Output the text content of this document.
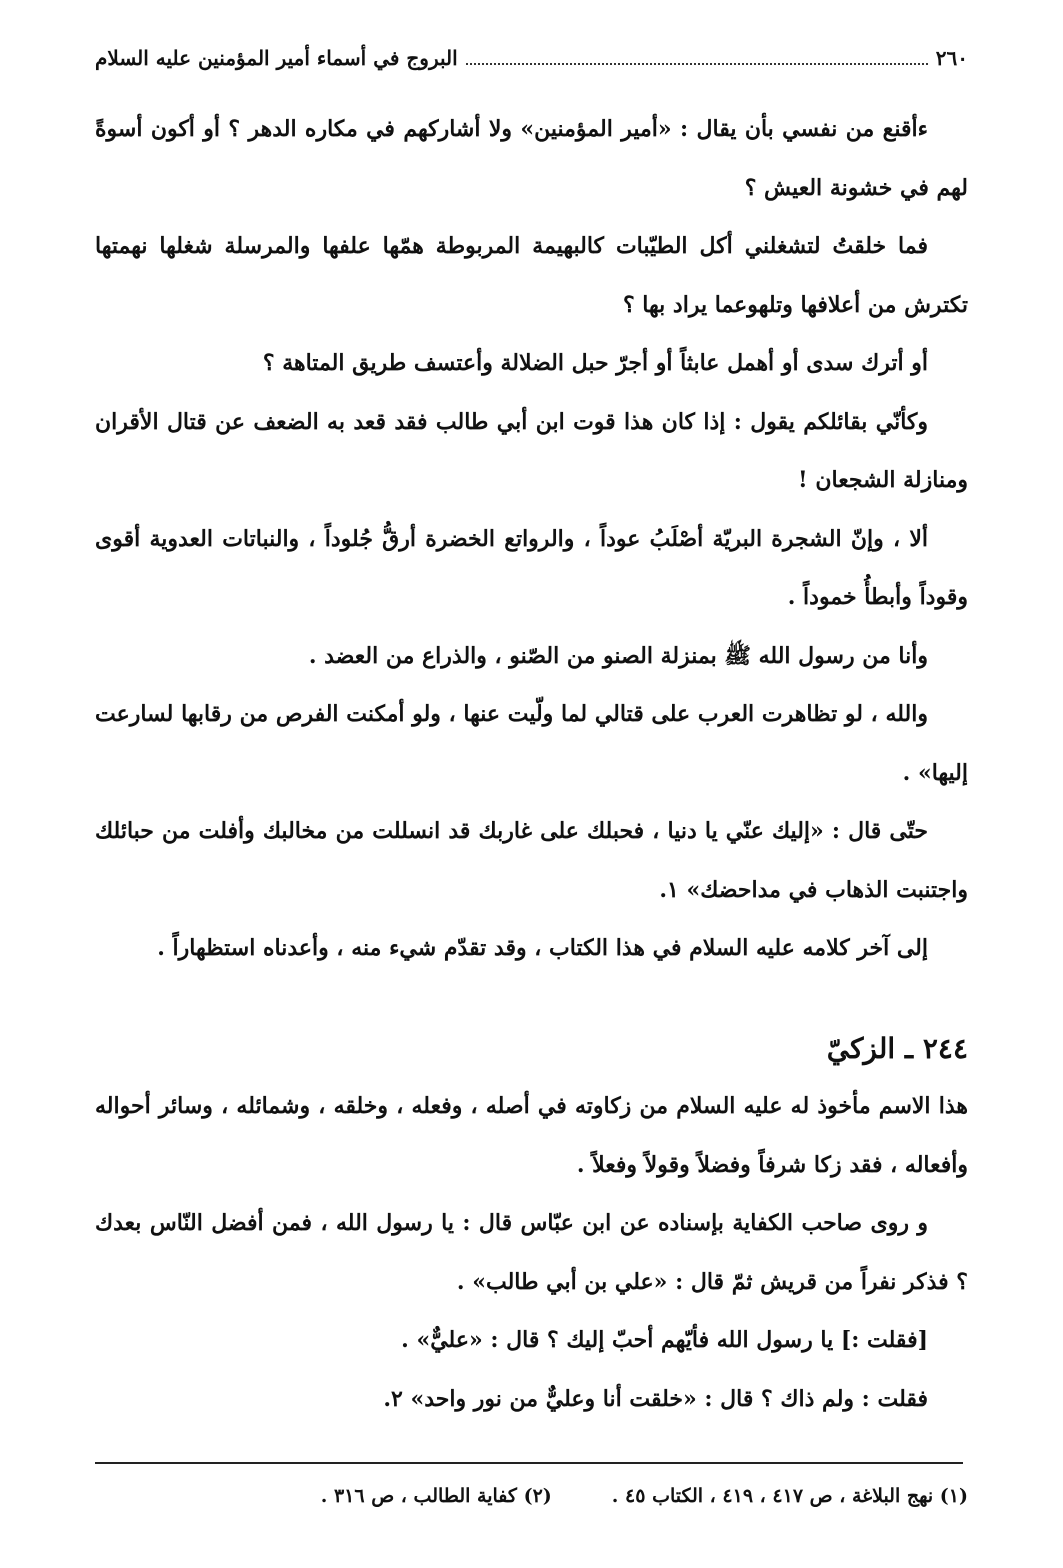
٢٦٠
البروج في أسماء أمير المؤمنين عليه السلام

ءأقنع من نفسي بأن يقال : «أمير المؤمنين» ولا أشاركهم في مكاره الدهر ؟ أو أكون أسوةً لهم في خشونة العيش ؟

فما خلقتُ لتشغلني أكل الطيّبات كالبهيمة المربوطة همّها علفها والمرسلة شغلها نهمتها تكترش من أعلافها وتلهوعما يراد بها ؟

أو أترك سدى أو أهمل عابثاً أو أجرّ حبل الضلالة وأعتسف طريق المتاهة ؟

وكأنّي بقائلكم يقول : إذا كان هذا قوت ابن أبي طالب فقد قعد به الضعف عن قتال الأقران ومنازلة الشجعان !

ألا ، وإنّ الشجرة البريّة أصْلَبُ عوداً ، والرواتع الخضرة أرقُّ جُلوداً ، والنباتات العدوية أقوى وقوداً وأبطأُ خموداً .

وأنا من رسول الله ﷺ بمنزلة الصنو من الصّنو ، والذراع من العضد .

والله ، لو تظاهرت العرب على قتالي لما ولّيت عنها ، ولو أمكنت الفرص من رقابها لسارعت إليها» .

حتّى قال : «إليك عنّي يا دنيا ، فحبلك على غاربك قد انسللت من مخالبك وأفلت من حبائلك واجتنبت الذهاب في مداحضك» ١.

إلى آخر كلامه عليه السلام في هذا الكتاب ، وقد تقدّم شيء منه ، وأعدناه استظهاراً .

٢٤٤ ـ الزكيّ

هذا الاسم مأخوذ له عليه السلام من زكاوته في أصله ، وفعله ، وخلقه ، وشمائله ، وسائر أحواله وأفعاله ، فقد زكا شرفاً وفضلاً وقولاً وفعلاً .

و روى صاحب الكفاية بإسناده عن ابن عبّاس قال : يا رسول الله ، فمن أفضل النّاس بعدك ؟ فذكر نفراً من قريش ثمّ قال : «علي بن أبي طالب» .

[فقلت :] يا رسول الله فأيّهم أحبّ إليك ؟ قال : «عليٌّ» .

فقلت : ولم ذاك ؟ قال : «خلقت أنا وعليٌّ من نور واحد» ٢.

(١) نهج البلاغة ، ص ٤١٧ ، ٤١٩ ، الكتاب ٤٥ .
(٢) كفاية الطالب ، ص ٣١٦ .
